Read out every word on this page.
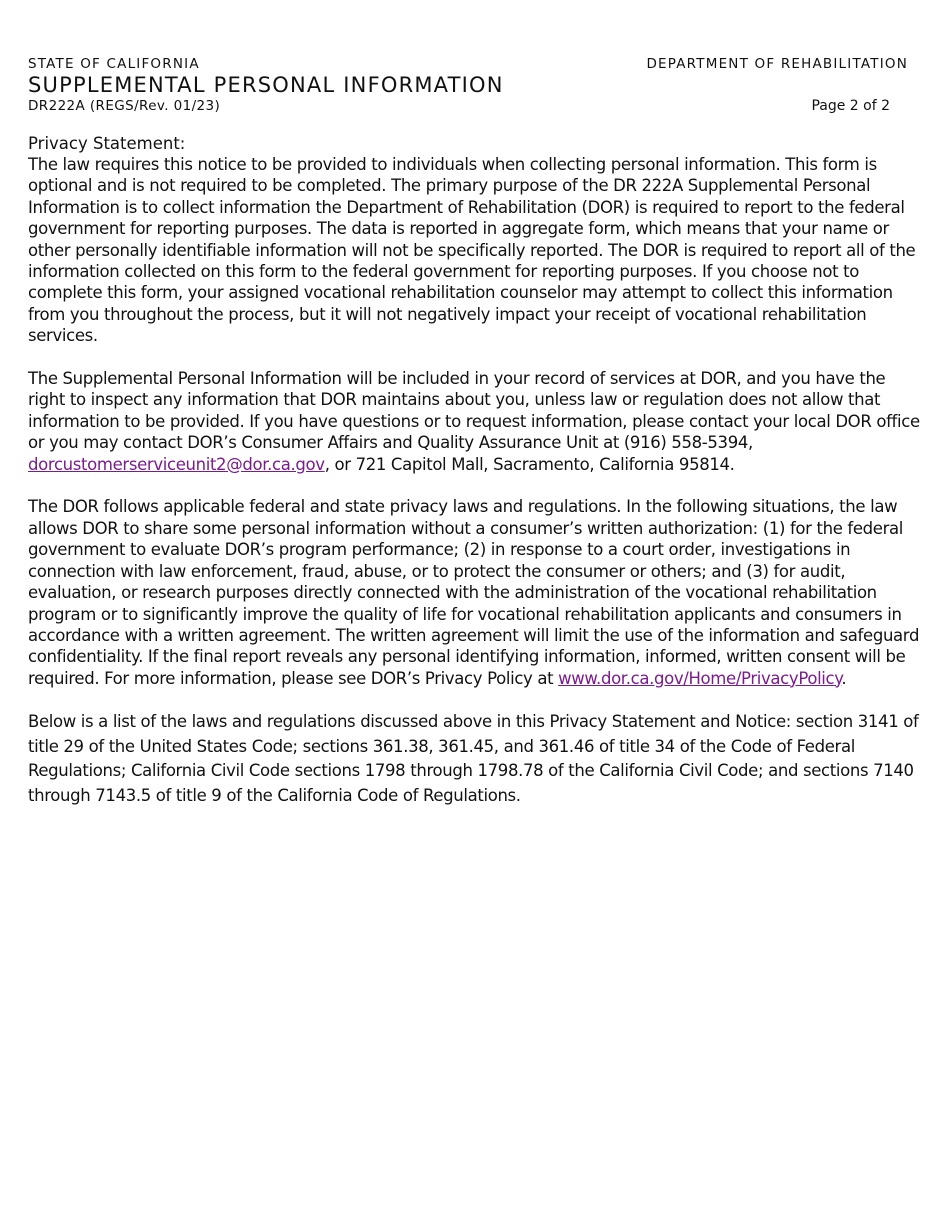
STATE OF CALIFORNIA	DEPARTMENT OF REHABILITATION
SUPPLEMENTAL PERSONAL INFORMATION
DR222A (REGS/Rev. 01/23)	Page 2 of 2
Privacy Statement:

The law requires this notice to be provided to individuals when collecting personal information. This form is optional and is not required to be completed. The primary purpose of the DR 222A Supplemental Personal Information is to collect information the Department of Rehabilitation (DOR) is required to report to the federal government for reporting purposes. The data is reported in aggregate form, which means that your name or other personally identifiable information will not be specifically reported. The DOR is required to report all of the information collected on this form to the federal government for reporting purposes. If you choose not to complete this form, your assigned vocational rehabilitation counselor may attempt to collect this information from you throughout the process, but it will not negatively impact your receipt of vocational rehabilitation services.

The Supplemental Personal Information will be included in your record of services at DOR, and you have the right to inspect any information that DOR maintains about you, unless law or regulation does not allow that information to be provided. If you have questions or to request information, please contact your local DOR office or you may contact DOR’s Consumer Affairs and Quality Assurance Unit at (916) 558-5394, dorcustomerserviceunit2@dor.ca.gov, or 721 Capitol Mall, Sacramento, California 95814.

The DOR follows applicable federal and state privacy laws and regulations. In the following situations, the law allows DOR to share some personal information without a consumer’s written authorization: (1) for the federal government to evaluate DOR’s program performance; (2) in response to a court order, investigations in connection with law enforcement, fraud, abuse, or to protect the consumer or others; and (3) for audit, evaluation, or research purposes directly connected with the administration of the vocational rehabilitation program or to significantly improve the quality of life for vocational rehabilitation applicants and consumers in accordance with a written agreement. The written agreement will limit the use of the information and safeguard confidentiality. If the final report reveals any personal identifying information, informed, written consent will be required. For more information, please see DOR’s Privacy Policy at www.dor.ca.gov/Home/PrivacyPolicy.

Below is a list of the laws and regulations discussed above in this Privacy Statement and Notice: section 3141 of title 29 of the United States Code; sections 361.38, 361.45, and 361.46 of title 34 of the Code of Federal Regulations; California Civil Code sections 1798 through 1798.78 of the California Civil Code; and sections 7140 through 7143.5 of title 9 of the California Code of Regulations.
